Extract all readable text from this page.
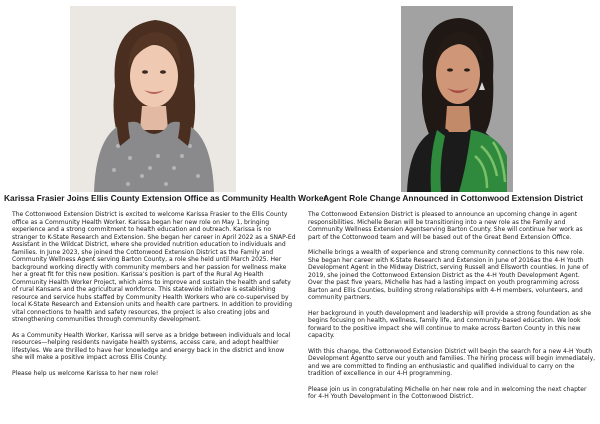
Karissa Frasier Joins Ellis County Extension Office as Community Health Worker

The Cottonwood Extension District is excited to welcome Karissa Frasier to the Ellis County office as a Community Health Worker. Karissa began her new role on May 1, bringing experience and a strong commitment to health education and outreach. Karissa is no stranger to K-State Research and Extension. She began her career in April 2022 as a SNAP-Ed Assistant in the Wildcat District, where she provided nutrition education to individuals and families. In June 2023, she joined the Cottonwood Extension District as the Family and Community Wellness Agent serving Barton County, a role she held until March 2025. Her background working directly with community members and her passion for wellness make her a great fit for this new position. Karissa’s position is part of the Rural Ag Health Community Health Worker Project, which aims to improve and sustain the health and safety of rural Kansans and the agricultural workforce. This statewide initiative is establishing resource and service hubs staffed by Community Health Workers who are co-supervised by local K-State Research and Extension units and health care partners. In addition to providing vital connections to health and safety resources, the project is also creating jobs and strengthening communities through community development.

As a Community Health Worker, Karissa will serve as a bridge between individuals and local resources—helping residents navigate health systems, access care, and adopt healthier lifestyles. We are thrilled to have her knowledge and energy back in the district and know she will make a positive impact across Ellis County.

Please help us welcome Karissa to her new role!

Agent Role Change Announced in Cottonwood Extension District

The Cottonwood Extension District is pleased to announce an upcoming change in agent responsibilities. Michelle Beran will be transitioning into a new role as the Family and Community Wellness Extension Agentserving Barton County. She will continue her work as part of the Cottonwood team and will be based out of the Great Bend Extension Office.

Michelle brings a wealth of experience and strong community connections to this new role. She began her career with K-State Research and Extension in June of 2016as the 4-H Youth Development Agent in the Midway District, serving Russell and Ellsworth counties. In June of 2019, she joined the Cottonwood Extension District as the 4-H Youth Development Agent. Over the past five years, Michelle has had a lasting impact on youth programming across Barton and Ellis Counties, building strong relationships with 4-H members, volunteers, and community partners.

Her background in youth development and leadership will provide a strong foundation as she begins focusing on health, wellness, family life, and community-based education. We look forward to the positive impact she will continue to make across Barton County in this new capacity.

With this change, the Cottonwood Extension District will begin the search for a new 4-H Youth Development Agentto serve our youth and families. The hiring process will begin immediately, and we are committed to finding an enthusiastic and qualified individual to carry on the tradition of excellence in our 4-H programming.

Please join us in congratulating Michelle on her new role and in welcoming the next chapter for 4-H Youth Development in the Cottonwood District.
